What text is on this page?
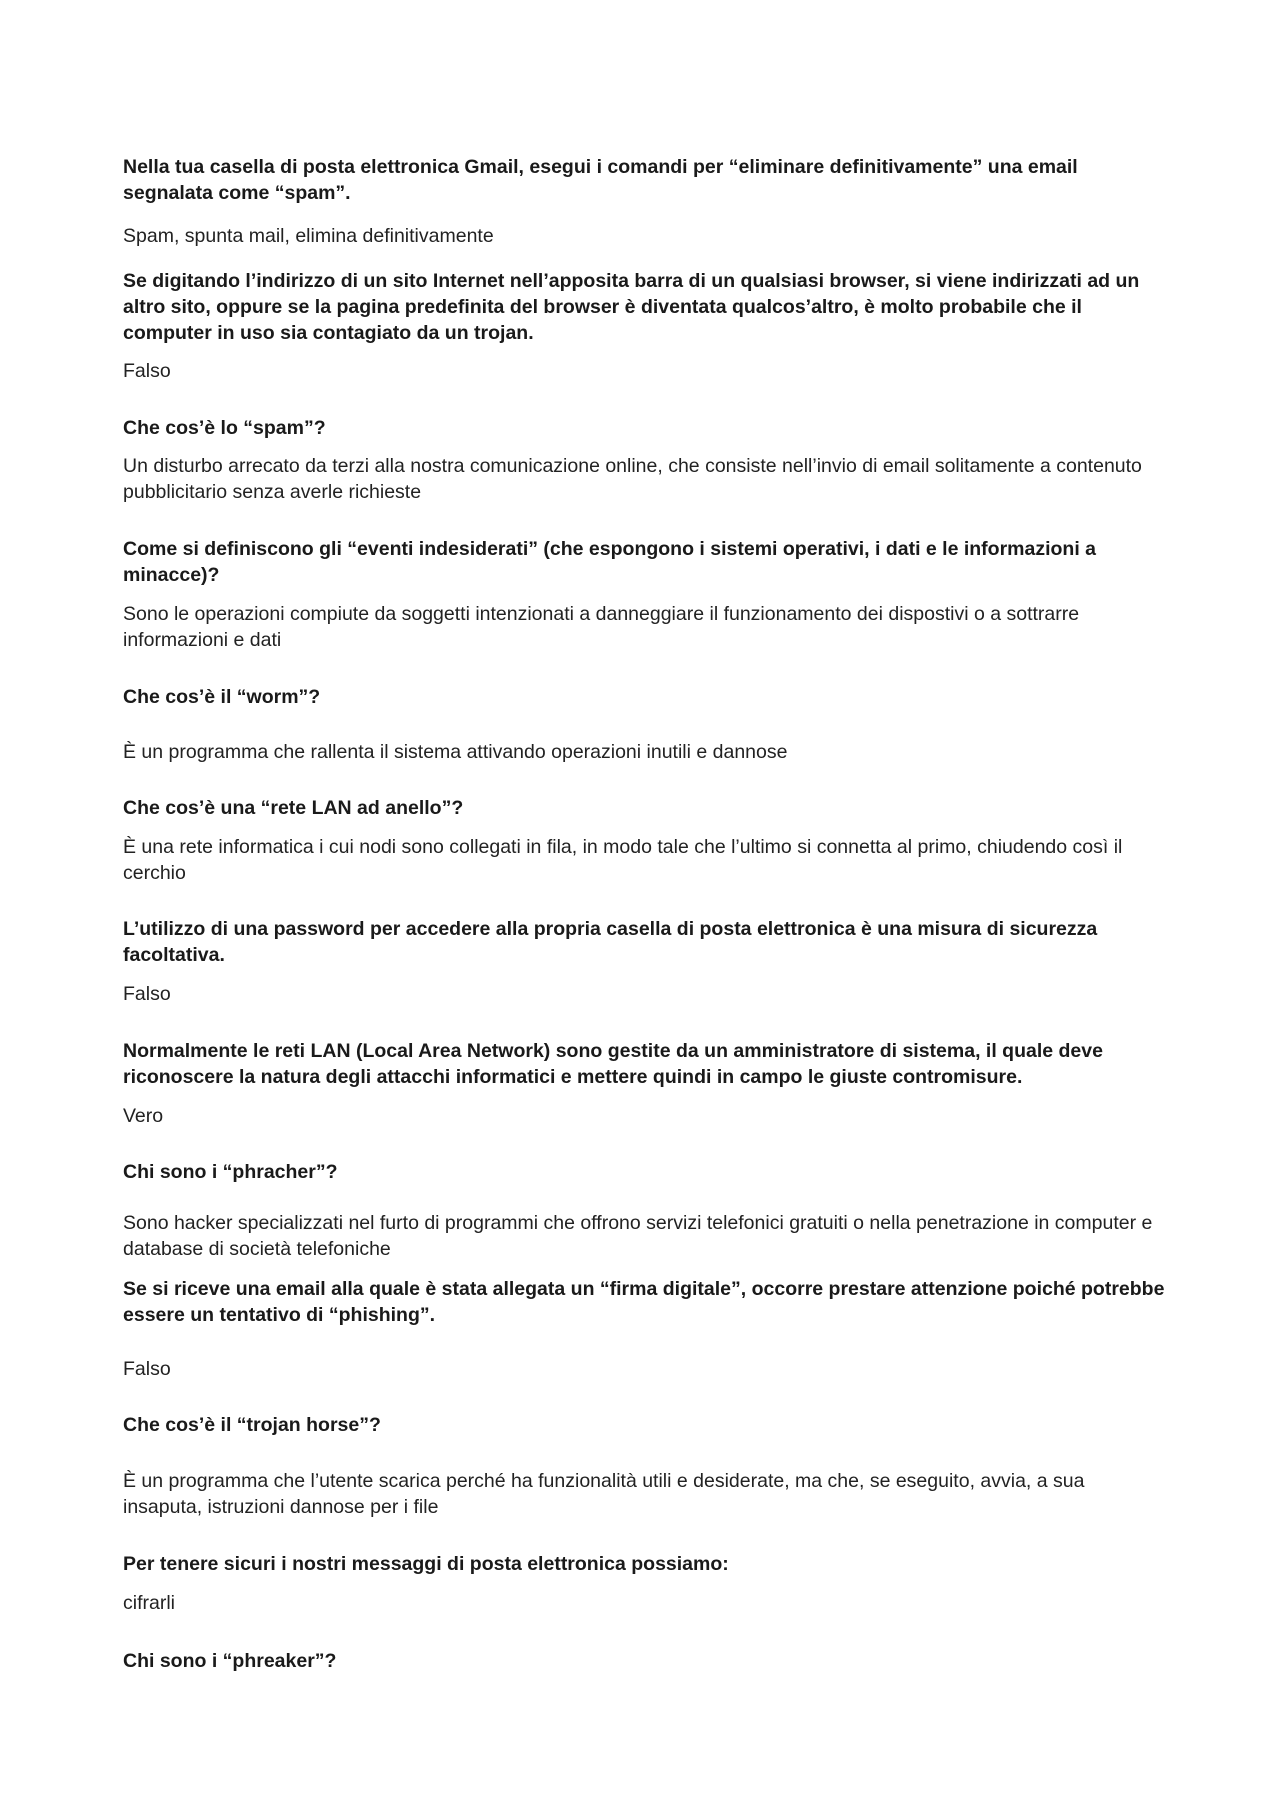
Nella tua casella di posta elettronica Gmail, esegui i comandi per “eliminare definitivamente” una email segnalata come “spam”.
Spam, spunta mail, elimina definitivamente
Se digitando l’indirizzo di un sito Internet nell’apposita barra di un qualsiasi browser, si viene indirizzati ad un altro sito, oppure se la pagina predefinita del browser è diventata qualcos’altro, è molto probabile che il computer in uso sia contagiato da un trojan.
Falso
Che cos’è lo “spam”?
Un disturbo arrecato da terzi alla nostra comunicazione online, che consiste nell’invio di email solitamente a contenuto pubblicitario senza averle richieste
Come si definiscono gli “eventi indesiderati” (che espongono i sistemi operativi, i dati e le informazioni a minacce)?
Sono le operazioni compiute da soggetti intenzionati a danneggiare il funzionamento dei dispostivi o a sottrarre informazioni e dati
Che cos’è il “worm”?
È un programma che rallenta il sistema attivando operazioni inutili e dannose
Che cos’è una “rete LAN ad anello”?
È una rete informatica i cui nodi sono collegati in fila, in modo tale che l’ultimo si connetta al primo, chiudendo così il cerchio
L’utilizzo di una password per accedere alla propria casella di posta elettronica è una misura di sicurezza facoltativa.
Falso
Normalmente le reti LAN (Local Area Network) sono gestite da un amministratore di sistema, il quale deve riconoscere la natura degli attacchi informatici e mettere quindi in campo le giuste contromisure.
Vero
Chi sono i “phracher”?
Sono hacker specializzati nel furto di programmi che offrono servizi telefonici gratuiti o nella penetrazione in computer e database di società telefoniche
Se si riceve una email alla quale è stata allegata un “firma digitale”, occorre prestare attenzione poiché potrebbe essere un tentativo di “phishing”.
Falso
Che cos’è il “trojan horse”?
È un programma che l’utente scarica perché ha funzionalità utili e desiderate, ma che, se eseguito, avvia, a sua insaputa, istruzioni dannose per i file
Per tenere sicuri i nostri messaggi di posta elettronica possiamo:
cifrarli
Chi sono i “phreaker”?
